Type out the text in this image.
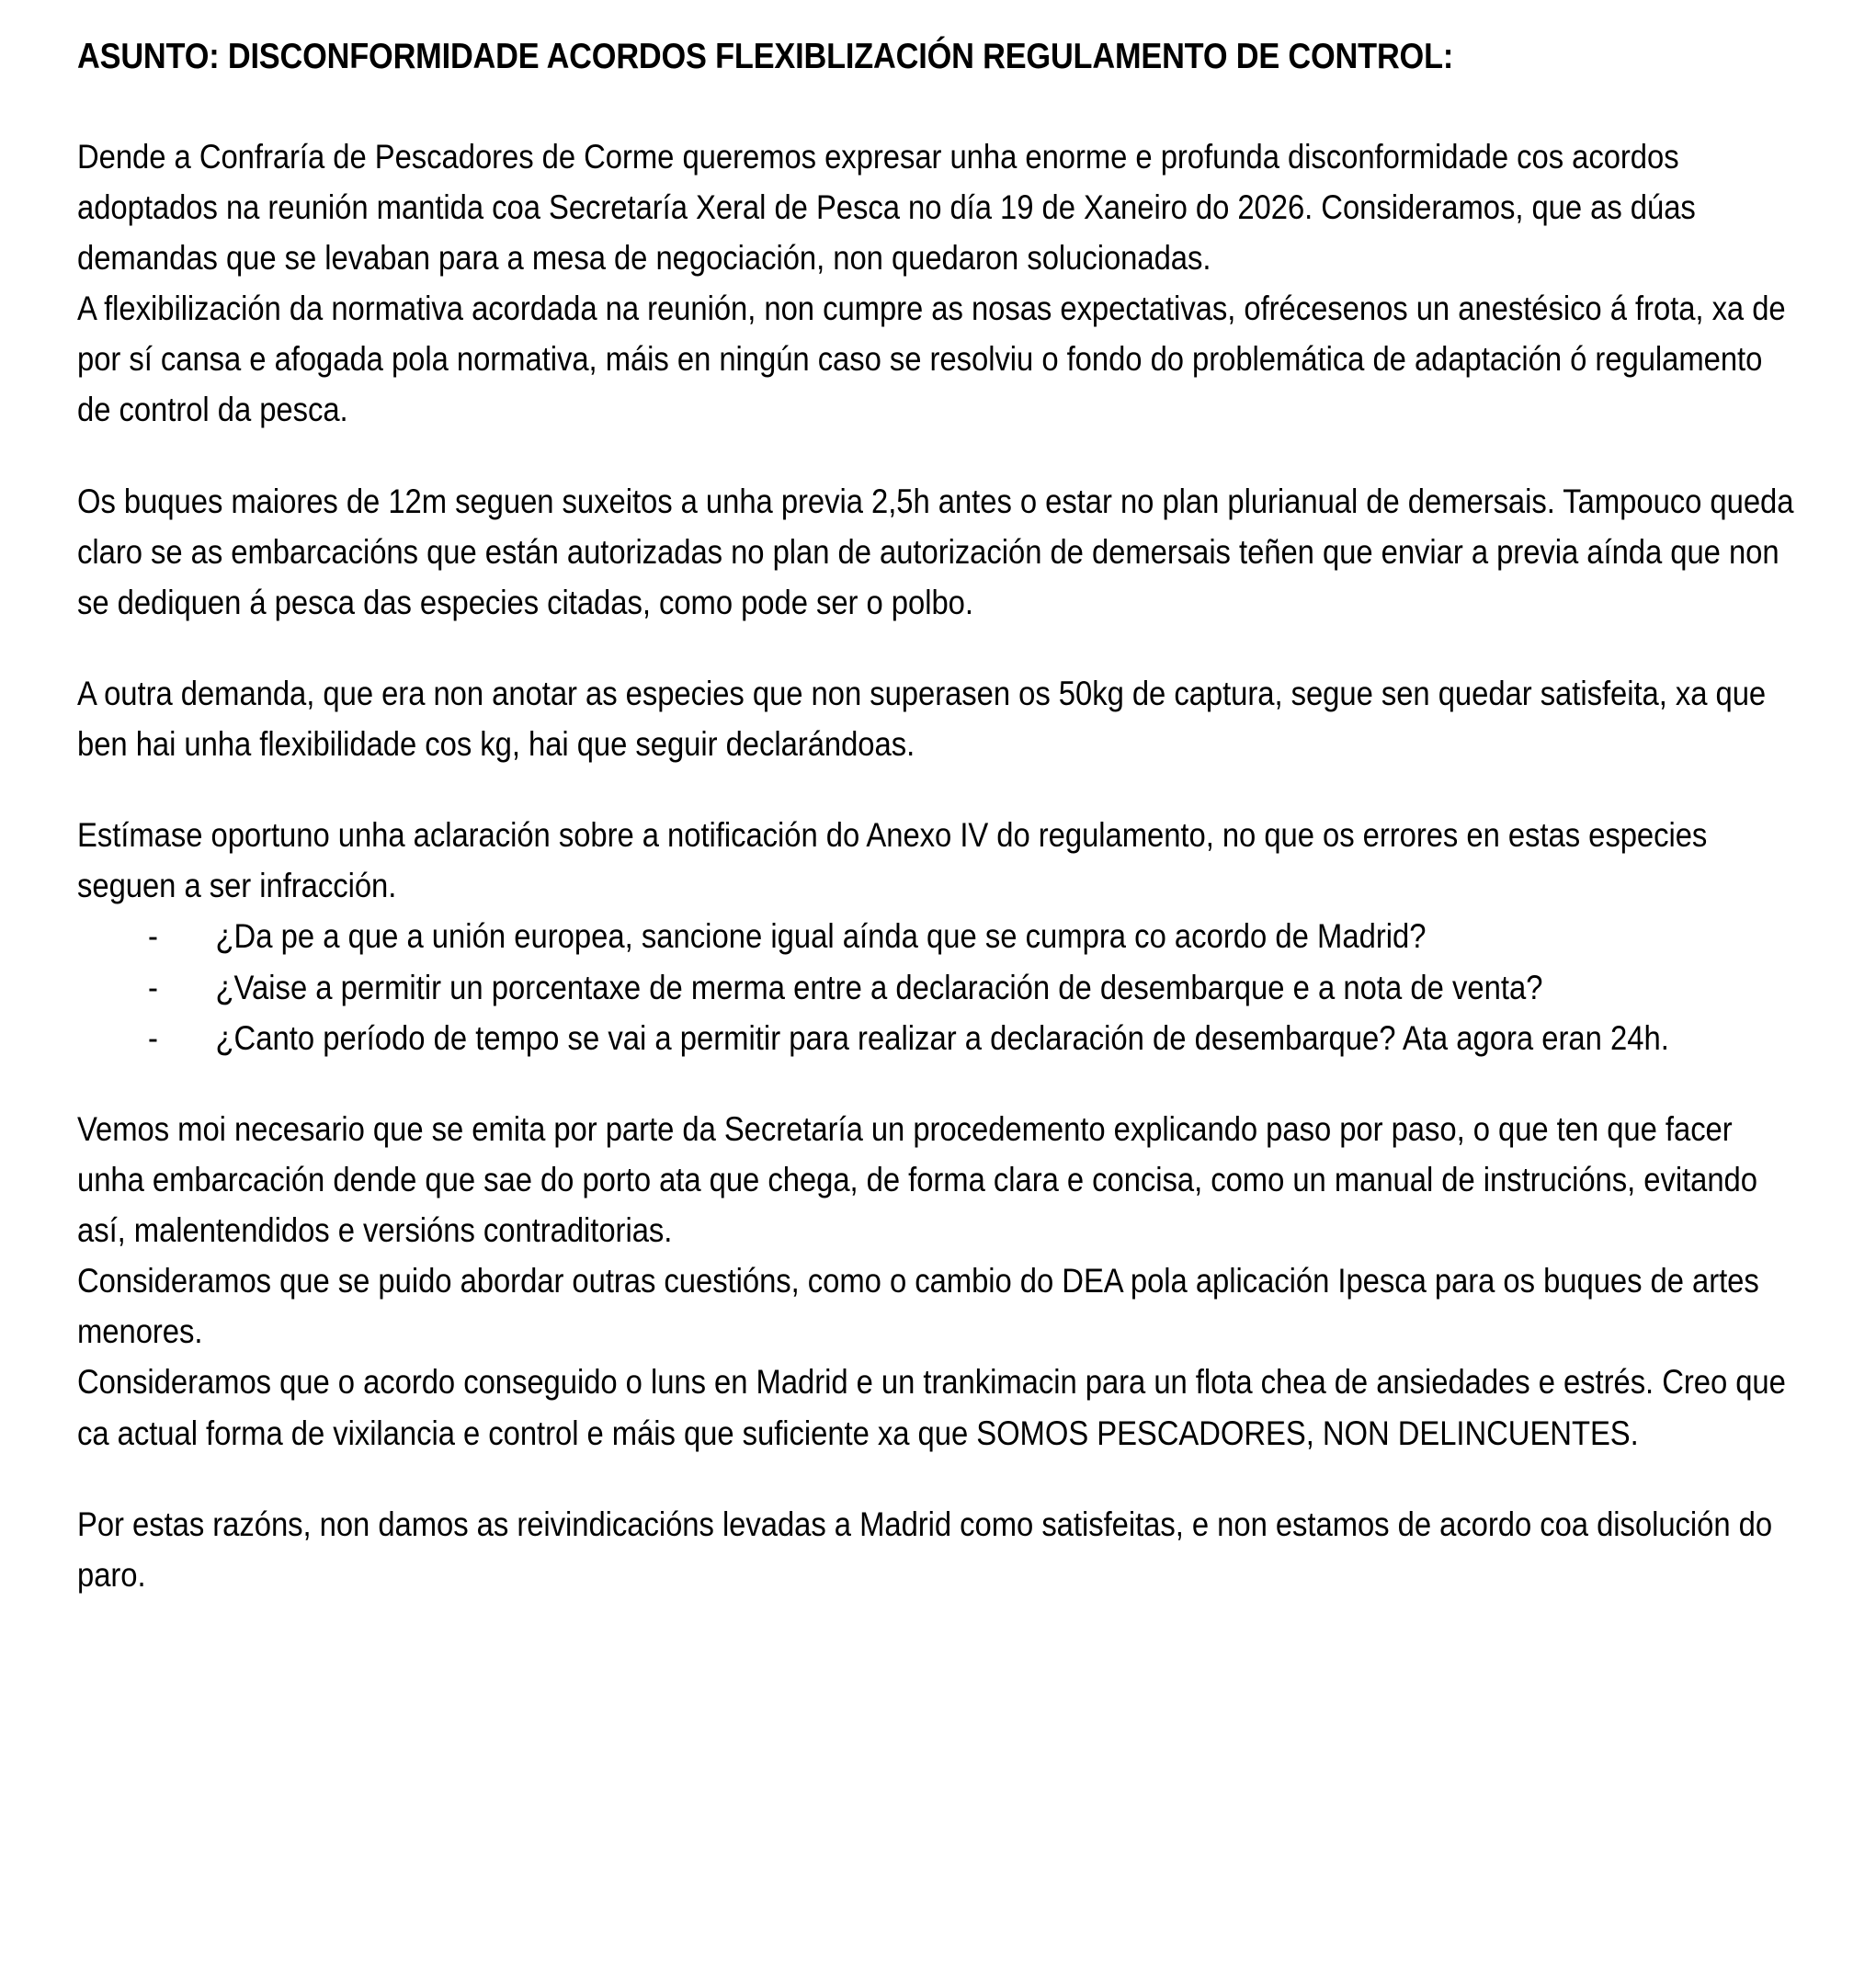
ASUNTO: DISCONFORMIDADE ACORDOS FLEXIBLIZACIÓN REGULAMENTO DE CONTROL:

Dende a Confraría de Pescadores de Corme queremos expresar unha enorme e profunda disconformidade cos acordos adoptados na reunión mantida coa Secretaría Xeral de Pesca no día 19 de Xaneiro do 2026. Consideramos, que as dúas demandas que se levaban para a mesa de negociación, non quedaron solucionadas.

A flexibilización da normativa acordada na reunión, non cumpre as nosas expectativas, ofrécesenos un anestésico á frota, xa de por sí cansa e afogada pola normativa, máis en ningún caso se resolviu o fondo do problemática de adaptación ó regulamento de control da pesca.

Os buques maiores de 12m seguen suxeitos a unha previa 2,5h antes o estar no plan plurianual de demersais. Tampouco queda claro se as embarcacións que están autorizadas no plan de autorización de demersais teñen que enviar a previa aínda que non se dediquen á pesca das especies citadas, como pode ser o polbo.

A outra demanda, que era non anotar as especies que non superasen os 50kg de captura, segue sen quedar satisfeita, xa que ben hai unha flexibilidade cos kg, hai que seguir declarándoas.

Estímase oportuno unha aclaración sobre a notificación do Anexo IV do regulamento, no que os errores en estas especies seguen a ser infracción.

-	¿Da pe a que a unión europea, sancione igual aínda que se cumpra co acordo de Madrid?
-	¿Vaise a permitir un porcentaxe de merma entre a declaración de desembarque e a nota de venta?
-	¿Canto período de tempo se vai a permitir para realizar a declaración de desembarque? Ata agora eran 24h.

Vemos moi necesario que se emita por parte da Secretaría un procedemento explicando paso por paso, o que ten que facer unha embarcación dende que sae do porto ata que chega, de forma clara e concisa, como un manual de instrucións, evitando así, malentendidos e versións contraditorias.

Consideramos que se puido abordar outras cuestións, como o cambio do DEA pola aplicación Ipesca para os buques de artes menores.

Consideramos que o acordo conseguido o luns en Madrid e un trankimacin para un flota chea de ansiedades e estrés. Creo que ca actual forma de vixilancia e control e máis que suficiente xa que SOMOS PESCADORES, NON DELINCUENTES.

Por estas razóns, non damos as reivindicacións levadas a Madrid como satisfeitas, e non estamos de acordo coa disolución do paro.
